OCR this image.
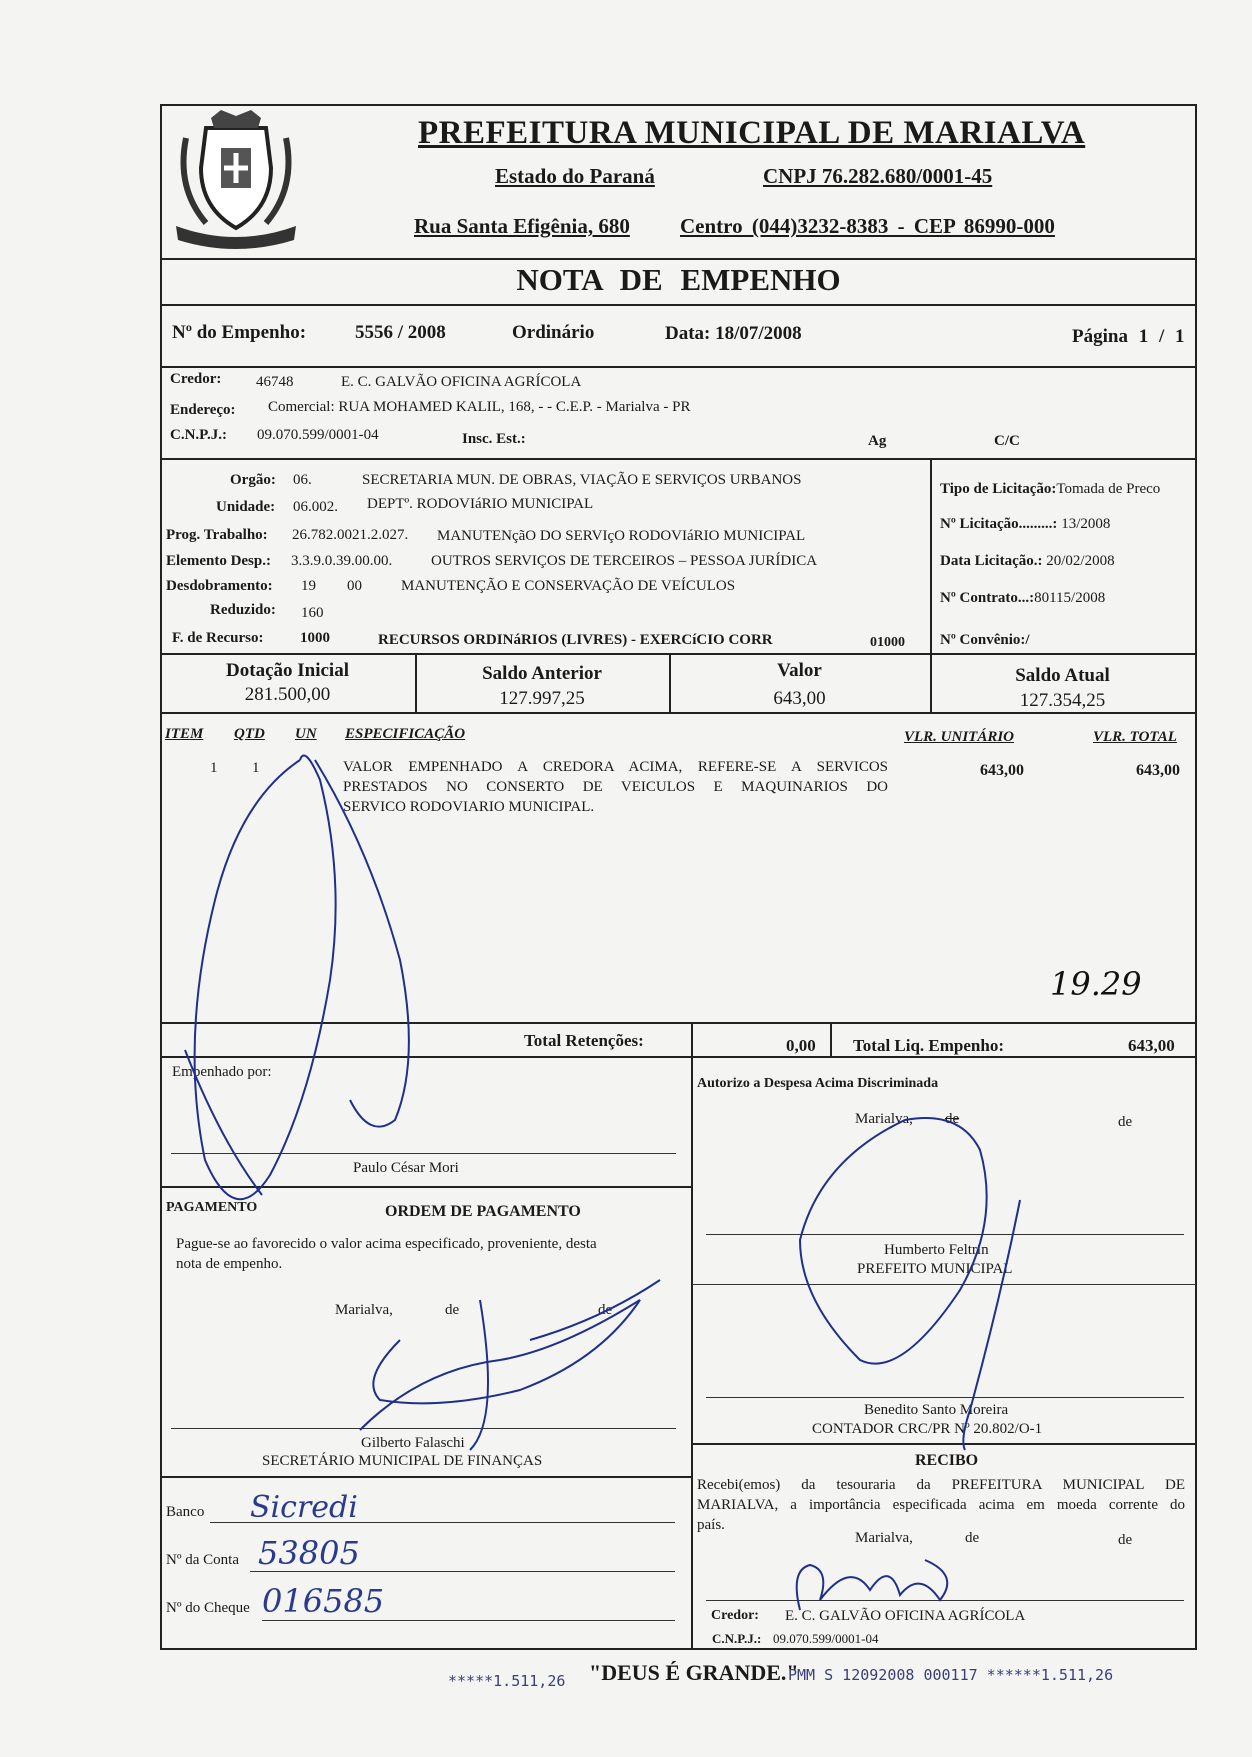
PREFEITURA MUNICIPAL DE MARIALVA
Estado do Paraná	CNPJ 76.282.680/0001-45
Rua Santa Efigênia, 680 Centro (044)3232-8383 - CEP 86990-000
NOTA DE EMPENHO
Nº do Empenho:	5556 / 2008	Ordinário	Data: 18/07/2008	Página 1 / 1
Credor: 46748	E. C. GALVÃO OFICINA AGRÍCOLA
Endereço: Comercial: RUA MOHAMED KALIL, 168, - - C.E.P. - Marialva - PR
C.N.P.J.: 09.070.599/0001-04	Insc. Est.:	Ag	C/C
Orgão: 06.	SECRETARIA MUN. DE OBRAS, VIAÇÃO E SERVIÇOS URBANOS
Unidade: 06.002. DEPTº. RODOVIáRIO MUNICIPAL
Prog. Trabalho: 26.782.0021.2.027. MANUTENçãO DO SERVIçO RODOVIáRIO MUNICIPAL
Elemento Desp.: 3.3.9.0.39.00.00.	OUTROS SERVIÇOS DE TERCEIROS – PESSOA JURÍDICA
Desdobramento: 19 00	MANUTENÇÃO E CONSERVAÇÃO DE VEÍCULOS
Reduzido: 160
F. de Recurso: 1000	RECURSOS ORDINáRIOS (LIVRES) - EXERCíCIO CORR	01000
Tipo de Licitação:Tomada de Preco
Nº Licitação.........: 13/2008
Data Licitação.: 20/02/2008
Nº Contrato...:80115/2008
Nº Convênio:/
Dotação Inicial
281.500,00
Saldo Anterior
127.997,25
Valor
643,00
Saldo Atual
127.354,25
ITEM QTD UN ESPECIFICAÇÃO	VLR. UNITÁRIO	VLR. TOTAL
1 1	VALOR EMPENHADO A CREDORA ACIMA, REFERE-SE A SERVICOS
PRESTADOS NO CONSERTO DE VEICULOS E MAQUINARIOS DO
SERVICO RODOVIARIO MUNICIPAL.
643,00	643,00
19.29
Total Retenções:	0,00 Total Liq. Empenho:	643,00
Empenhado por:
Paulo César Mori
PAGAMENTO	ORDEM DE PAGAMENTO
Pague-se ao favorecido o valor acima especificado, proveniente, desta
nota de empenho.
Marialva,	de	de
Gilberto Falaschi
SECRETÁRIO MUNICIPAL DE FINANÇAS
Banco Sicredi
Nº da Conta 53805
Nº do Cheque 016585
Autorizo a Despesa Acima Discriminada
Marialva, de	de
Humberto Feltrin
PREFEITO MUNICIPAL
Benedito Santo Moreira
CONTADOR CRC/PR Nº 20.802/O-1
RECIBO
Recebi(emos) da tesouraria da PREFEITURA MUNICIPAL DE
MARIALVA, a importância especificada acima em moeda corrente do
país.
Marialva,	de	de
Credor: E. C. GALVÃO OFICINA AGRÍCOLA
C.N.P.J.: 09.070.599/0001-04
*****1.511,26 "DEUS É GRANDE."
PMM S 12092008 000117 ******1.511,26
